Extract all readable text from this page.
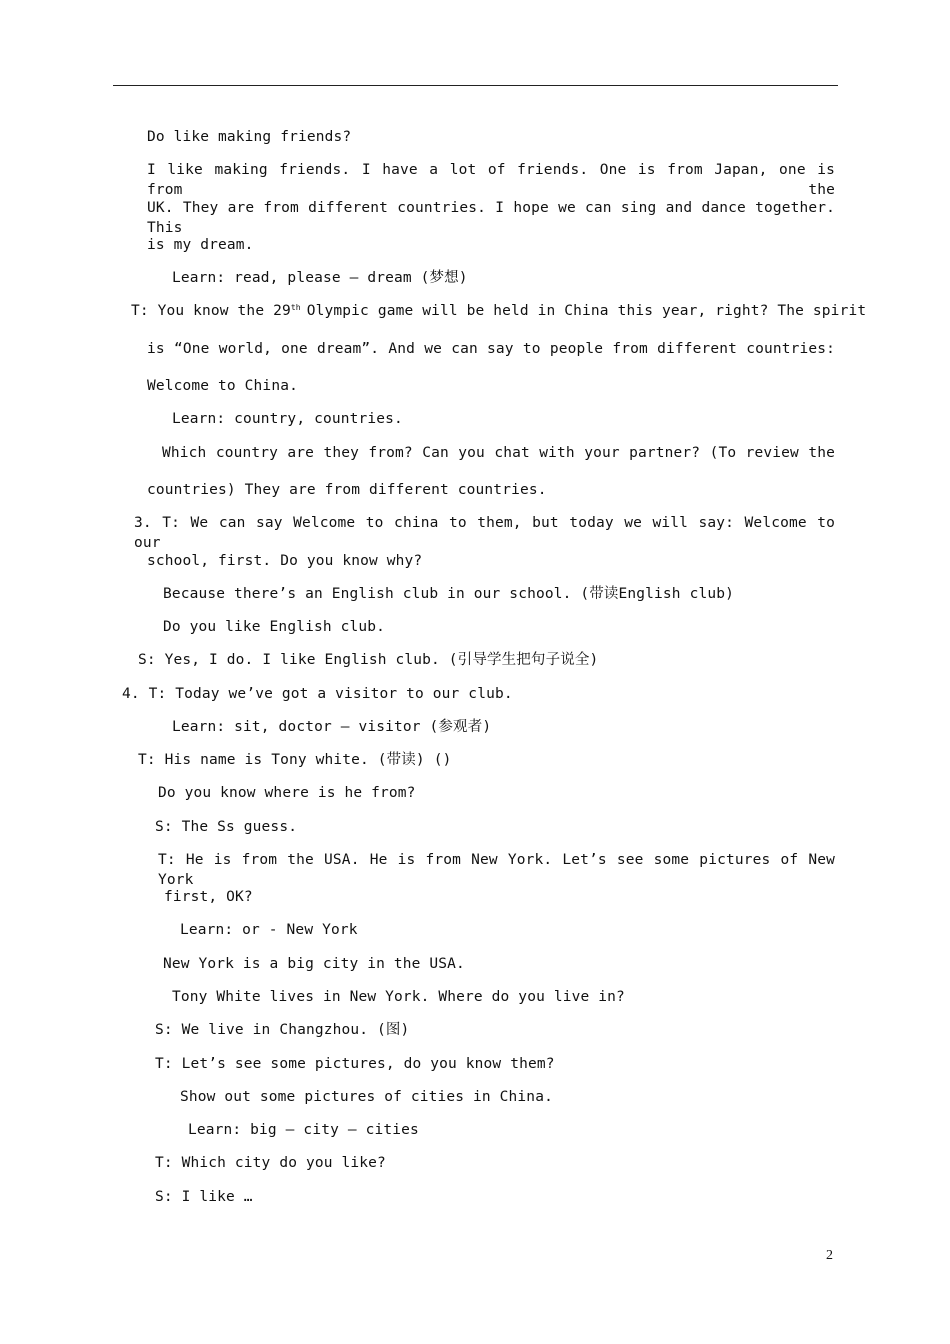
Do like making friends?
I like making friends. I have a lot of friends. One is from Japan, one is from the
UK. They are from different countries. I hope we can sing and dance together. This
is my dream.
Learn: read, please – dream (梦想)
T: You know the 29th Olympic game will be held in China this year, right? The spirit
is “One world, one dream”. And we can say to people from different countries:
Welcome to China.
Learn: country, countries.
Which country are they from? Can you chat with your partner? (To review the
countries) They are from different countries.
3. T: We can say Welcome to china to them, but today we will say: Welcome to our
school, first. Do you know why?
Because there’s an English club in our school. (带读English club)
Do you like English club.
S: Yes, I do. I like English club. (引导学生把句子说全)
4. T: Today we’ve got a visitor to our club.
Learn: sit, doctor – visitor (参观者)
T: His name is Tony white. (带读) ()
Do you know where is he from?
S: The Ss guess.
T: He is from the USA. He is from New York. Let’s see some pictures of New York
first, OK?
Learn: or - New York
New York is a big city in the USA.
Tony White lives in New York. Where do you live in?
S: We live in Changzhou. (图)
T: Let’s see some pictures, do you know them?
Show out some pictures of cities in China.
Learn: big – city – cities
T: Which city do you like?
S: I like …
2
